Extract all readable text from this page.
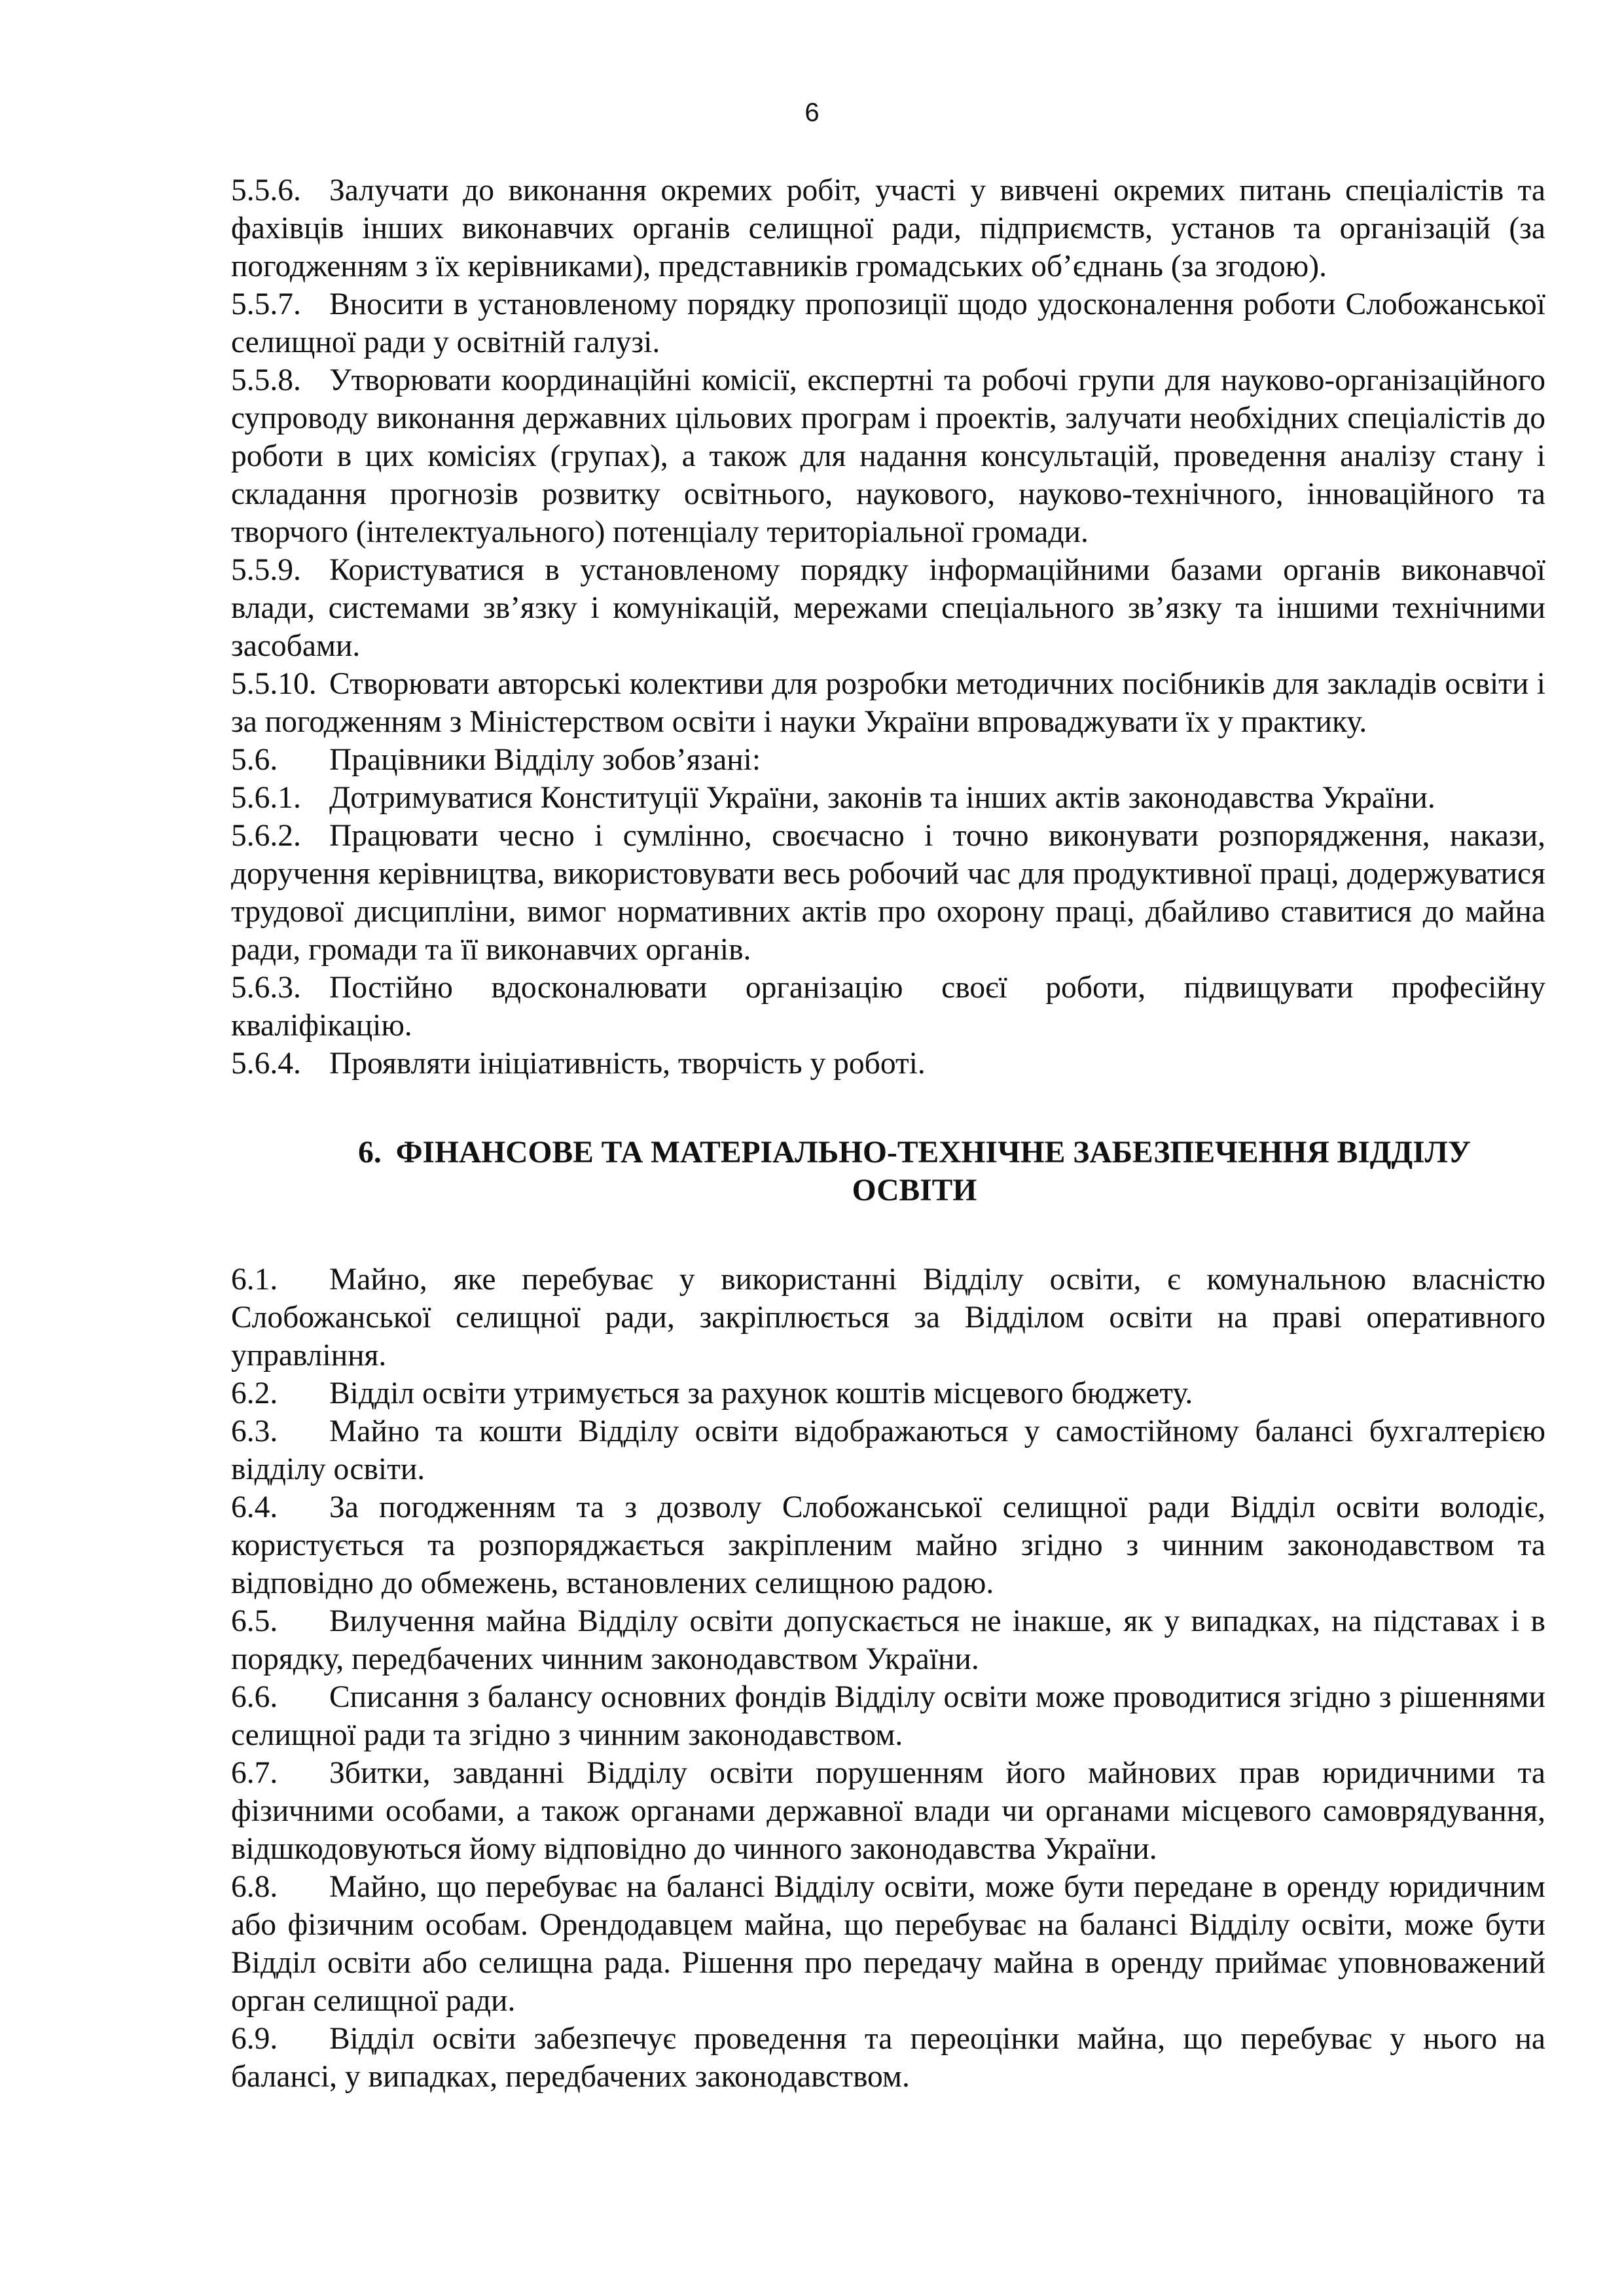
6

5.5.6. Залучати до виконання окремих робіт, участі у вивчені окремих питань спеціалістів та фахівців інших виконавчих органів селищної ради, підприємств, установ та організацій (за погодженням з їх керівниками), представників громадських об’єднань (за згодою).

5.5.7. Вносити в установленому порядку пропозиції щодо удосконалення роботи Слобожанської селищної ради у освітній галузі.

5.5.8. Утворювати координаційні комісії, експертні та робочі групи для науково-організаційного супроводу виконання державних цільових програм і проектів, залучати необхідних спеціалістів до роботи в цих комісіях (групах), а також для надання консультацій, проведення аналізу стану і складання прогнозів розвитку освітнього, наукового, науково-технічного, інноваційного та творчого (інтелектуального) потенціалу територіальної громади.

5.5.9. Користуватися в установленому порядку інформаційними базами органів виконавчої влади, системами зв’язку і комунікацій, мережами спеціального зв’язку та іншими технічними засобами.

5.5.10. Створювати авторські колективи для розробки методичних посібників для закладів освіти і за погодженням з Міністерством освіти і науки України впроваджувати їх у практику.

5.6. Працівники Відділу зобов’язані:

5.6.1. Дотримуватися Конституції України, законів та інших актів законодавства України.

5.6.2. Працювати чесно і сумлінно, своєчасно і точно виконувати розпорядження, накази, доручення керівництва, використовувати весь робочий час для продуктивної праці, додержуватися трудової дисципліни, вимог нормативних актів про охорону праці, дбайливо ставитися до майна ради, громади та її виконавчих органів.

5.6.3. Постійно вдосконалювати організацію своєї роботи, підвищувати професійну кваліфікацію.

5.6.4. Проявляти ініціативність, творчість у роботі.

6. ФІНАНСОВЕ ТА МАТЕРІАЛЬНО-ТЕХНІЧНЕ ЗАБЕЗПЕЧЕННЯ ВІДДІЛУ
ОСВІТИ

6.1. Майно, яке перебуває у використанні Відділу освіти, є комунальною власністю Слобожанської селищної ради, закріплюється за Відділом освіти на праві оперативного управління.

6.2. Відділ освіти утримується за рахунок коштів місцевого бюджету.

6.3. Майно та кошти Відділу освіти відображаються у самостійному балансі бухгалтерією відділу освіти.

6.4. За погодженням та з дозволу Слобожанської селищної ради Відділ освіти володіє, користується та розпоряджається закріпленим майно згідно з чинним законодавством та відповідно до обмежень, встановлених селищною радою.

6.5. Вилучення майна Відділу освіти допускається не інакше, як у випадках, на підставах і в порядку, передбачених чинним законодавством України.

6.6. Списання з балансу основних фондів Відділу освіти може проводитися згідно з рішеннями селищної ради та згідно з чинним законодавством.

6.7. Збитки, завданні Відділу освіти порушенням його майнових прав юридичними та фізичними особами, а також органами державної влади чи органами місцевого самоврядування, відшкодовуються йому відповідно до чинного законодавства України.

6.8. Майно, що перебуває на балансі Відділу освіти, може бути передане в оренду юридичним або фізичним особам. Орендодавцем майна, що перебуває на балансі Відділу освіти, може бути Відділ освіти або селищна рада. Рішення про передачу майна в оренду приймає уповноважений орган селищної ради.

6.9. Відділ освіти забезпечує проведення та переоцінки майна, що перебуває у нього на балансі, у випадках, передбачених законодавством.
